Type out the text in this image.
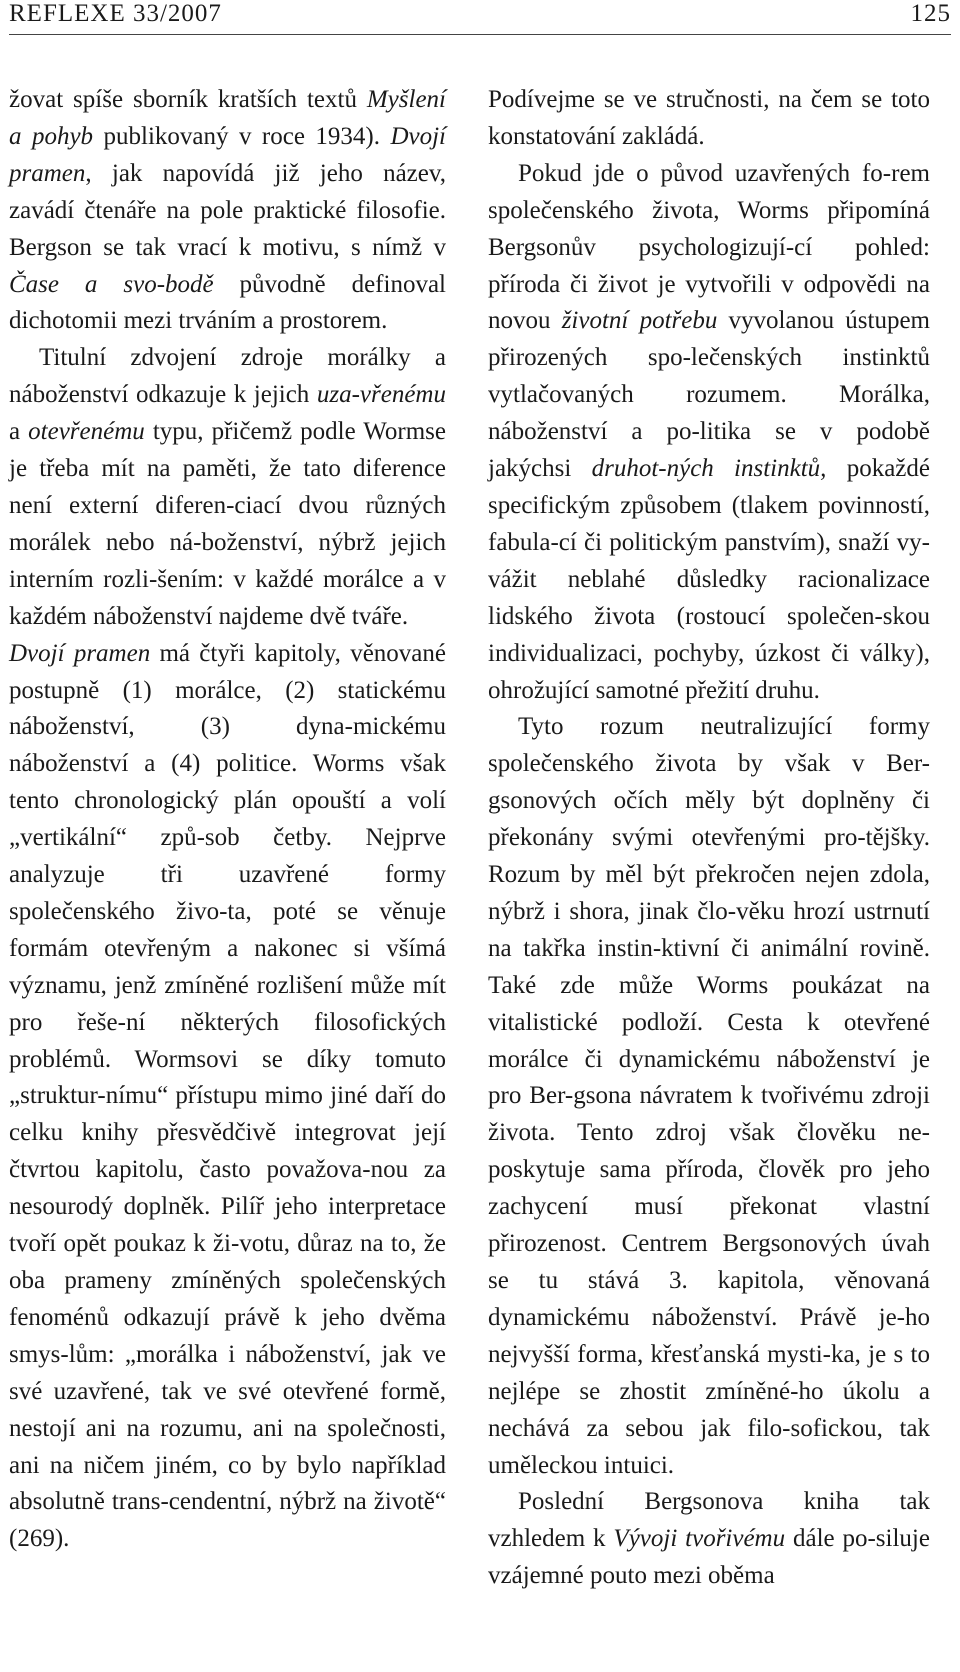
REFLEXE 33/2007	125

žovat spíše sborník kratších textů Myšlení a pohyb publikovaný v roce 1934). Dvojí pramen, jak napovídá již jeho název, zavádí čtenáře na pole praktické filosofie. Bergson se tak vrací k motivu, s nímž v Čase a svo-bodě původně definoval dichotomii mezi trváním a prostorem.

Titulní zdvojení zdroje morálky a náboženství odkazuje k jejich uza-vřenému a otevřenému typu, přičemž podle Wormse je třeba mít na paměti, že tato diference není externí diferen-ciací dvou různých morálek nebo ná-boženství, nýbrž jejich interním rozli-šením: v každé morálce a v každém náboženství najdeme dvě tváře.

Dvojí pramen má čtyři kapitoly, věnované postupně (1) morálce, (2) statickému náboženství, (3) dyna-mickému náboženství a (4) politice. Worms však tento chronologický plán opouští a volí „vertikální“ způ-sob četby. Nejprve analyzuje tři uzavřené formy společenského živo-ta, poté se věnuje formám otevřeným a nakonec si všímá významu, jenž zmíněné rozlišení může mít pro řeše-ní některých filosofických problémů. Wormsovi se díky tomuto „struktur-nímu“ přístupu mimo jiné daří do celku knihy přesvědčivě integrovat její čtvrtou kapitolu, často považova-nou za nesourodý doplněk. Pilíř jeho interpretace tvoří opět poukaz k ži-votu, důraz na to, že oba prameny zmíněných společenských fenoménů odkazují právě k jeho dvěma smys-lům: „morálka i náboženství, jak ve své uzavřené, tak ve své otevřené formě, nestojí ani na rozumu, ani na společnosti, ani na ničem jiném, co by bylo například absolutně trans-cendentní, nýbrž na životě“ (269).

Podívejme se ve stručnosti, na čem se toto konstatování zakládá.

Pokud jde o původ uzavřených fo-rem společenského života, Worms připomíná Bergsonův psychologizují-cí pohled: příroda či život je vytvořili v odpovědi na novou životní potřebu vyvolanou ústupem přirozených spo-lečenských instinktů vytlačovaných rozumem. Morálka, náboženství a po-litika se v podobě jakýchsi druhot-ných instinktů, pokaždé specifickým způsobem (tlakem povinností, fabula-cí či politickým panstvím), snaží vy-vážit neblahé důsledky racionalizace lidského života (rostoucí společen-skou individualizaci, pochyby, úzkost či války), ohrožující samotné přežití druhu.

Tyto rozum neutralizující formy společenského života by však v Ber-gsonových očích měly být doplněny či překonány svými otevřenými pro-tějšky. Rozum by měl být překročen nejen zdola, nýbrž i shora, jinak člo-věku hrozí ustrnutí na takřka instin-ktivní či animální rovině. Také zde může Worms poukázat na vitalistické podloží. Cesta k otevřené morálce či dynamickému náboženství je pro Ber-gsona návratem k tvořivému zdroji života. Tento zdroj však člověku ne-poskytuje sama příroda, člověk pro jeho zachycení musí překonat vlastní přirozenost. Centrem Bergsonových úvah se tu stává 3. kapitola, věnovaná dynamickému náboženství. Právě je-ho nejvyšší forma, křesťanská mysti-ka, je s to nejlépe se zhostit zmíněné-ho úkolu a nechává za sebou jak filo-sofickou, tak uměleckou intuici.

Poslední Bergsonova kniha tak vzhledem k Vývoji tvořivému dále po-siluje vzájemné pouto mezi oběma
